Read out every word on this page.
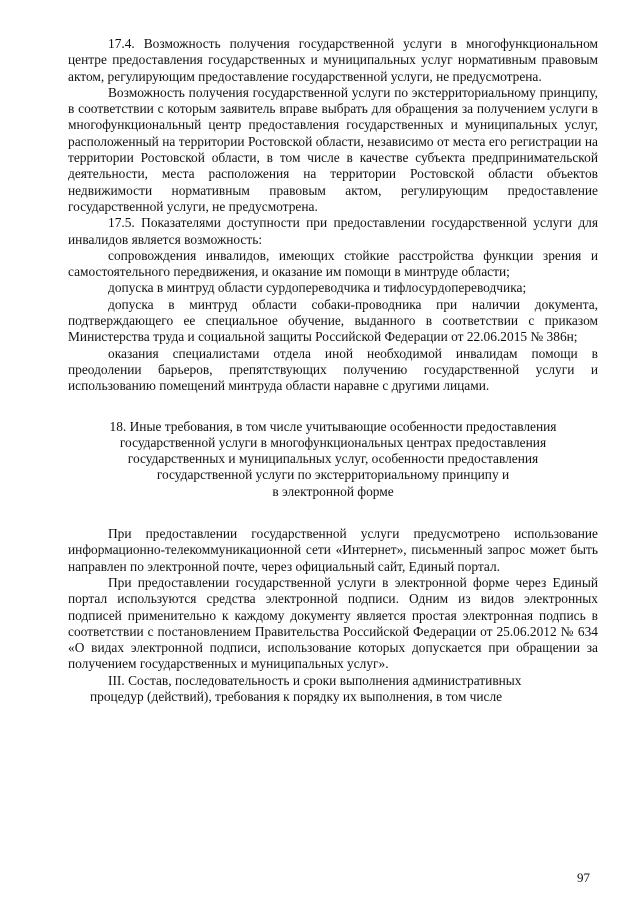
17.4. Возможность получения государственной услуги в многофункциональном центре предоставления государственных и муниципальных услуг нормативным правовым актом, регулирующим предоставление государственной услуги, не предусмотрена.

Возможность получения государственной услуги по экстерриториальному принципу, в соответствии с которым заявитель вправе выбрать для обращения за получением услуги в многофункциональный центр предоставления государственных и муниципальных услуг, расположенный на территории Ростовской области, независимо от места его регистрации на территории Ростовской области, в том числе в качестве субъекта предпринимательской деятельности, места расположения на территории Ростовской области объектов недвижимости нормативным правовым актом, регулирующим предоставление государственной услуги, не предусмотрена.

17.5. Показателями доступности при предоставлении государственной услуги для инвалидов является возможность:

сопровождения инвалидов, имеющих стойкие расстройства функции зрения и самостоятельного передвижения, и оказание им помощи в минтруде области;

допуска в минтруд области сурдопереводчика и тифлосурдопереводчика;

допуска в минтруд области собаки-проводника при наличии документа, подтверждающего ее специальное обучение, выданного в соответствии с приказом Министерства труда и социальной защиты Российской Федерации от 22.06.2015 № 386н;

оказания специалистами отдела иной необходимой инвалидам помощи в преодолении барьеров, препятствующих получению государственной услуги и использованию помещений минтруда области наравне с другими лицами.

18. Иные требования, в том числе учитывающие особенности предоставления

государственной услуги в многофункциональных центрах предоставления

государственных и муниципальных услуг, особенности предоставления

государственной услуги по экстерриториальному принципу и

в электронной форме

При предоставлении государственной услуги предусмотрено использование информационно-телекоммуникационной сети «Интернет», письменный запрос может быть направлен по электронной почте, через официальный сайт, Единый портал.

При предоставлении государственной услуги в электронной форме через Единый портал используются средства электронной подписи. Одним из видов электронных подписей применительно к каждому документу является простая электронная подпись в соответствии с постановлением Правительства Российской Федерации от 25.06.2012 № 634 «О видах электронной подписи, использование которых допускается при обращении за получением государственных и муниципальных услуг».

III. Состав, последовательность и сроки выполнения административных

процедур (действий), требования к порядку их выполнения, в том числе

97
